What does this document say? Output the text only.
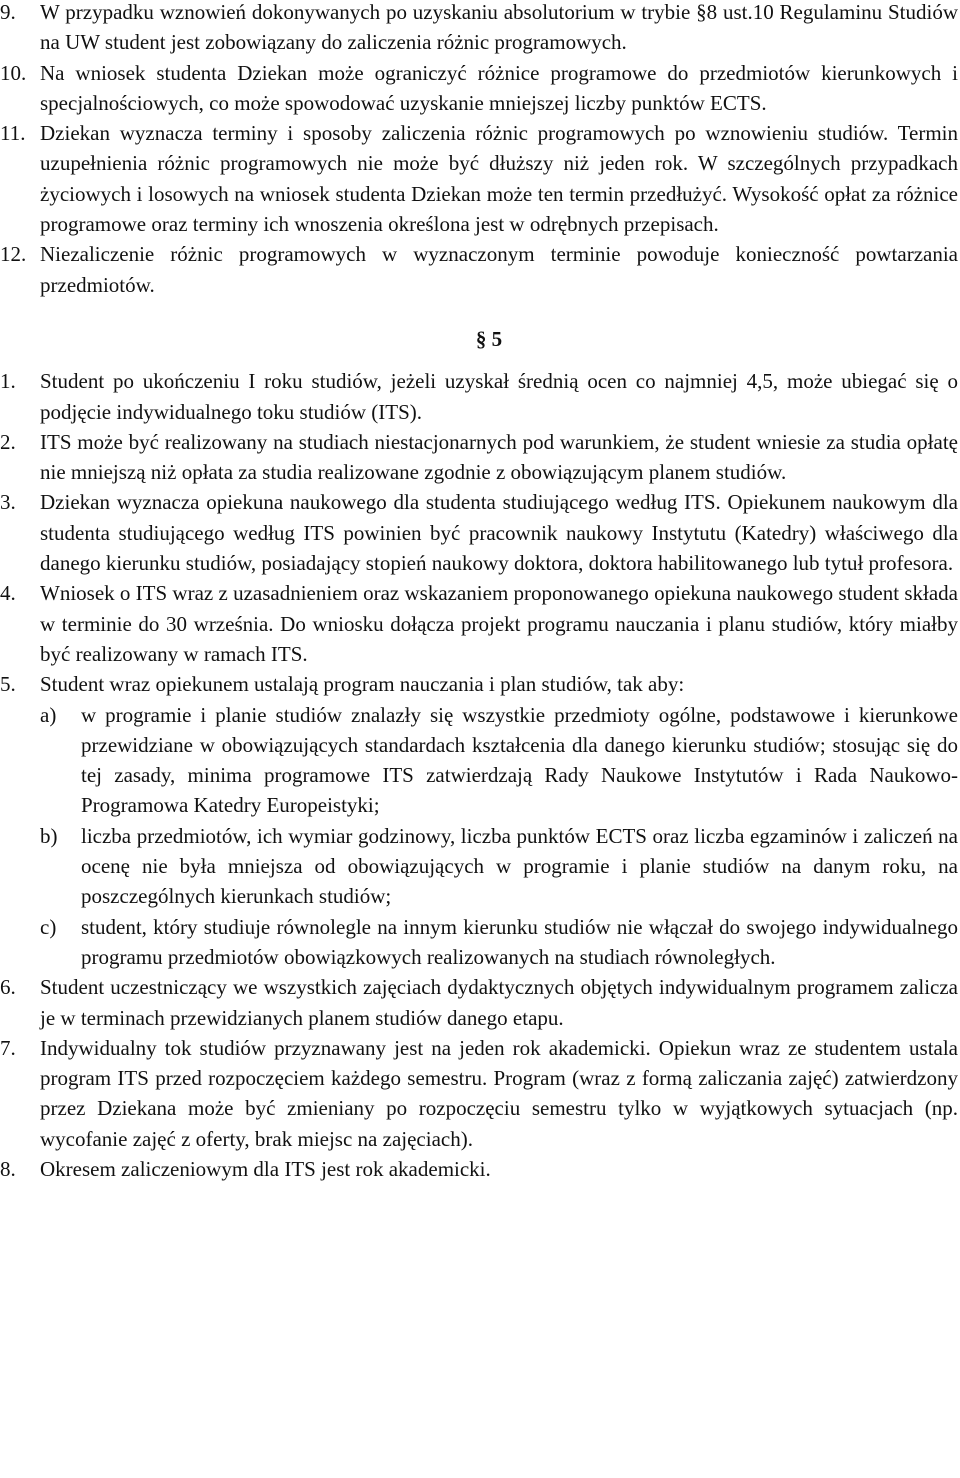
9. W przypadku wznowień dokonywanych po uzyskaniu absolutorium w trybie §8 ust.10 Regulaminu Studiów na UW student jest zobowiązany do zaliczenia różnic programowych.
10. Na wniosek studenta Dziekan może ograniczyć różnice programowe do przedmiotów kierunkowych i specjalnościowych, co może spowodować uzyskanie mniejszej liczby punktów ECTS.
11. Dziekan wyznacza terminy i sposoby zaliczenia różnic programowych po wznowieniu studiów. Termin uzupełnienia różnic programowych nie może być dłuższy niż jeden rok. W szczególnych przypadkach życiowych i losowych na wniosek studenta Dziekan może ten termin przedłużyć. Wysokość opłat za różnice programowe oraz terminy ich wnoszenia określona jest w odrębnych przepisach.
12. Niezaliczenie różnic programowych w wyznaczonym terminie powoduje konieczność powtarzania przedmiotów.
§ 5
1. Student po ukończeniu I roku studiów, jeżeli uzyskał średnią ocen co najmniej 4,5, może ubiegać się o podjęcie indywidualnego toku studiów (ITS).
2. ITS może być realizowany na studiach niestacjonarnych pod warunkiem, że student wniesie za studia opłatę nie mniejszą niż opłata za studia realizowane zgodnie z obowiązującym planem studiów.
3. Dziekan wyznacza opiekuna naukowego dla studenta studiującego według ITS. Opiekunem naukowym dla studenta studiującego według ITS powinien być pracownik naukowy Instytutu (Katedry) właściwego dla danego kierunku studiów, posiadający stopień naukowy doktora, doktora habilitowanego lub tytuł profesora.
4. Wniosek o ITS wraz z uzasadnieniem oraz wskazaniem proponowanego opiekuna naukowego student składa w terminie do 30 września. Do wniosku dołącza projekt programu nauczania i planu studiów, który miałby być realizowany w ramach ITS.
5. Student wraz opiekunem ustalają program nauczania i plan studiów, tak aby:
a) w programie i planie studiów znalazły się wszystkie przedmioty ogólne, podstawowe i kierunkowe przewidziane w obowiązujących standardach kształcenia dla danego kierunku studiów; stosując się do tej zasady, minima programowe ITS zatwierdzają Rady Naukowe Instytutów i Rada Naukowo-Programowa Katedry Europeistyki;
b) liczba przedmiotów, ich wymiar godzinowy, liczba punktów ECTS oraz liczba egzaminów i zaliczeń na ocenę nie była mniejsza od obowiązujących w programie i planie studiów na danym roku, na poszczególnych kierunkach studiów;
c) student, który studiuje równolegle na innym kierunku studiów nie włączał do swojego indywidualnego programu przedmiotów obowiązkowych realizowanych na studiach równoległych.
6. Student uczestniczący we wszystkich zajęciach dydaktycznych objętych indywidualnym programem zalicza je w terminach przewidzianych planem studiów danego etapu.
7. Indywidualny tok studiów przyznawany jest na jeden rok akademicki. Opiekun wraz ze studentem ustala program ITS przed rozpoczęciem każdego semestru. Program (wraz z formą zaliczania zajęć) zatwierdzony przez Dziekana może być zmieniany po rozpoczęciu semestru tylko w wyjątkowych sytuacjach (np. wycofanie zajęć z oferty, brak miejsc na zajęciach).
8. Okresem zaliczeniowym dla ITS jest rok akademicki.
